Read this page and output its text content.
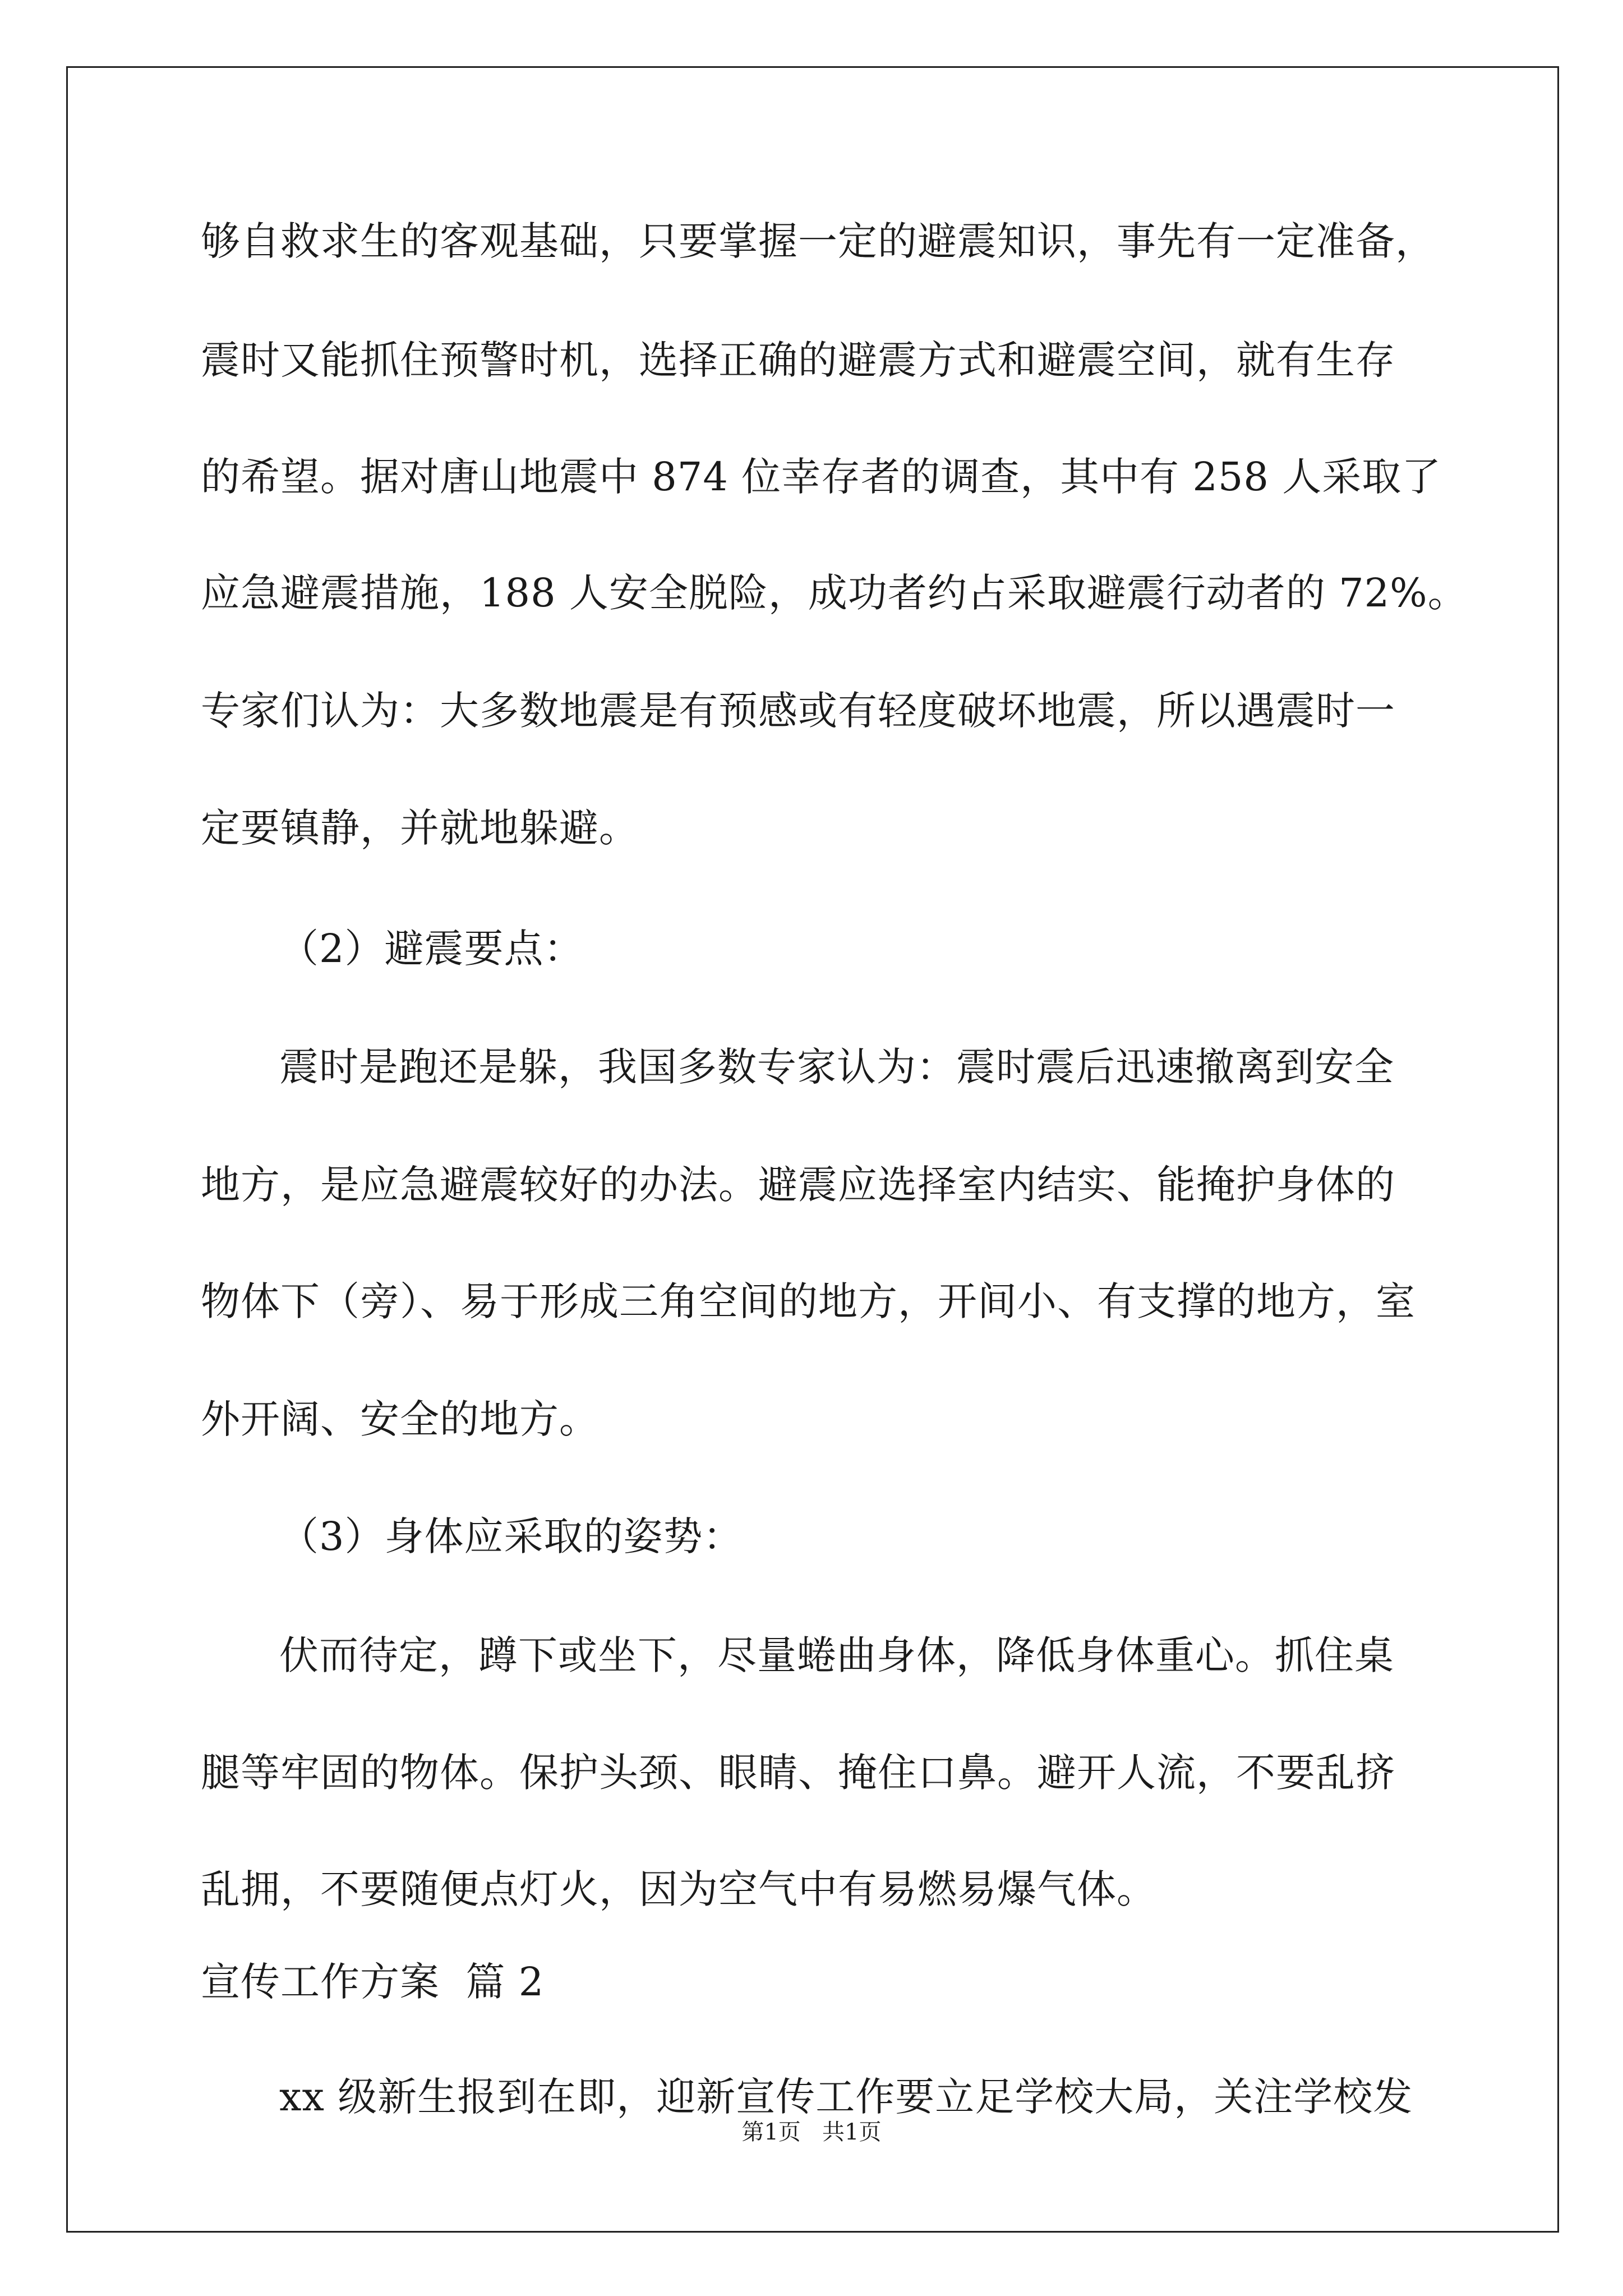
够自救求生的客观基础，只要掌握一定的避震知识，事先有一定准备，
震时又能抓住预警时机，选择正确的避震方式和避震空间，就有生存
的希望。据对唐山地震中 874 位幸存者的调查，其中有 258 人采取了
应急避震措施，188 人安全脱险，成功者约占采取避震行动者的 72%。
专家们认为：大多数地震是有预感或有轻度破坏地震，所以遇震时一
定要镇静，并就地躲避。
（2）避震要点：
震时是跑还是躲，我国多数专家认为：震时震后迅速撤离到安全
地方，是应急避震较好的办法。避震应选择室内结实、能掩护身体的
物体下（旁）、易于形成三角空间的地方，开间小、有支撑的地方，室
外开阔、安全的地方。
（3）身体应采取的姿势：
伏而待定，蹲下或坐下，尽量蜷曲身体，降低身体重心。抓住桌
腿等牢固的物体。保护头颈、眼睛、掩住口鼻。避开人流，不要乱挤
乱拥，不要随便点灯火，因为空气中有易燃易爆气体。
宣传工作方案  篇 2
xx 级新生报到在即，迎新宣传工作要立足学校大局，关注学校发
第1页   共1页
